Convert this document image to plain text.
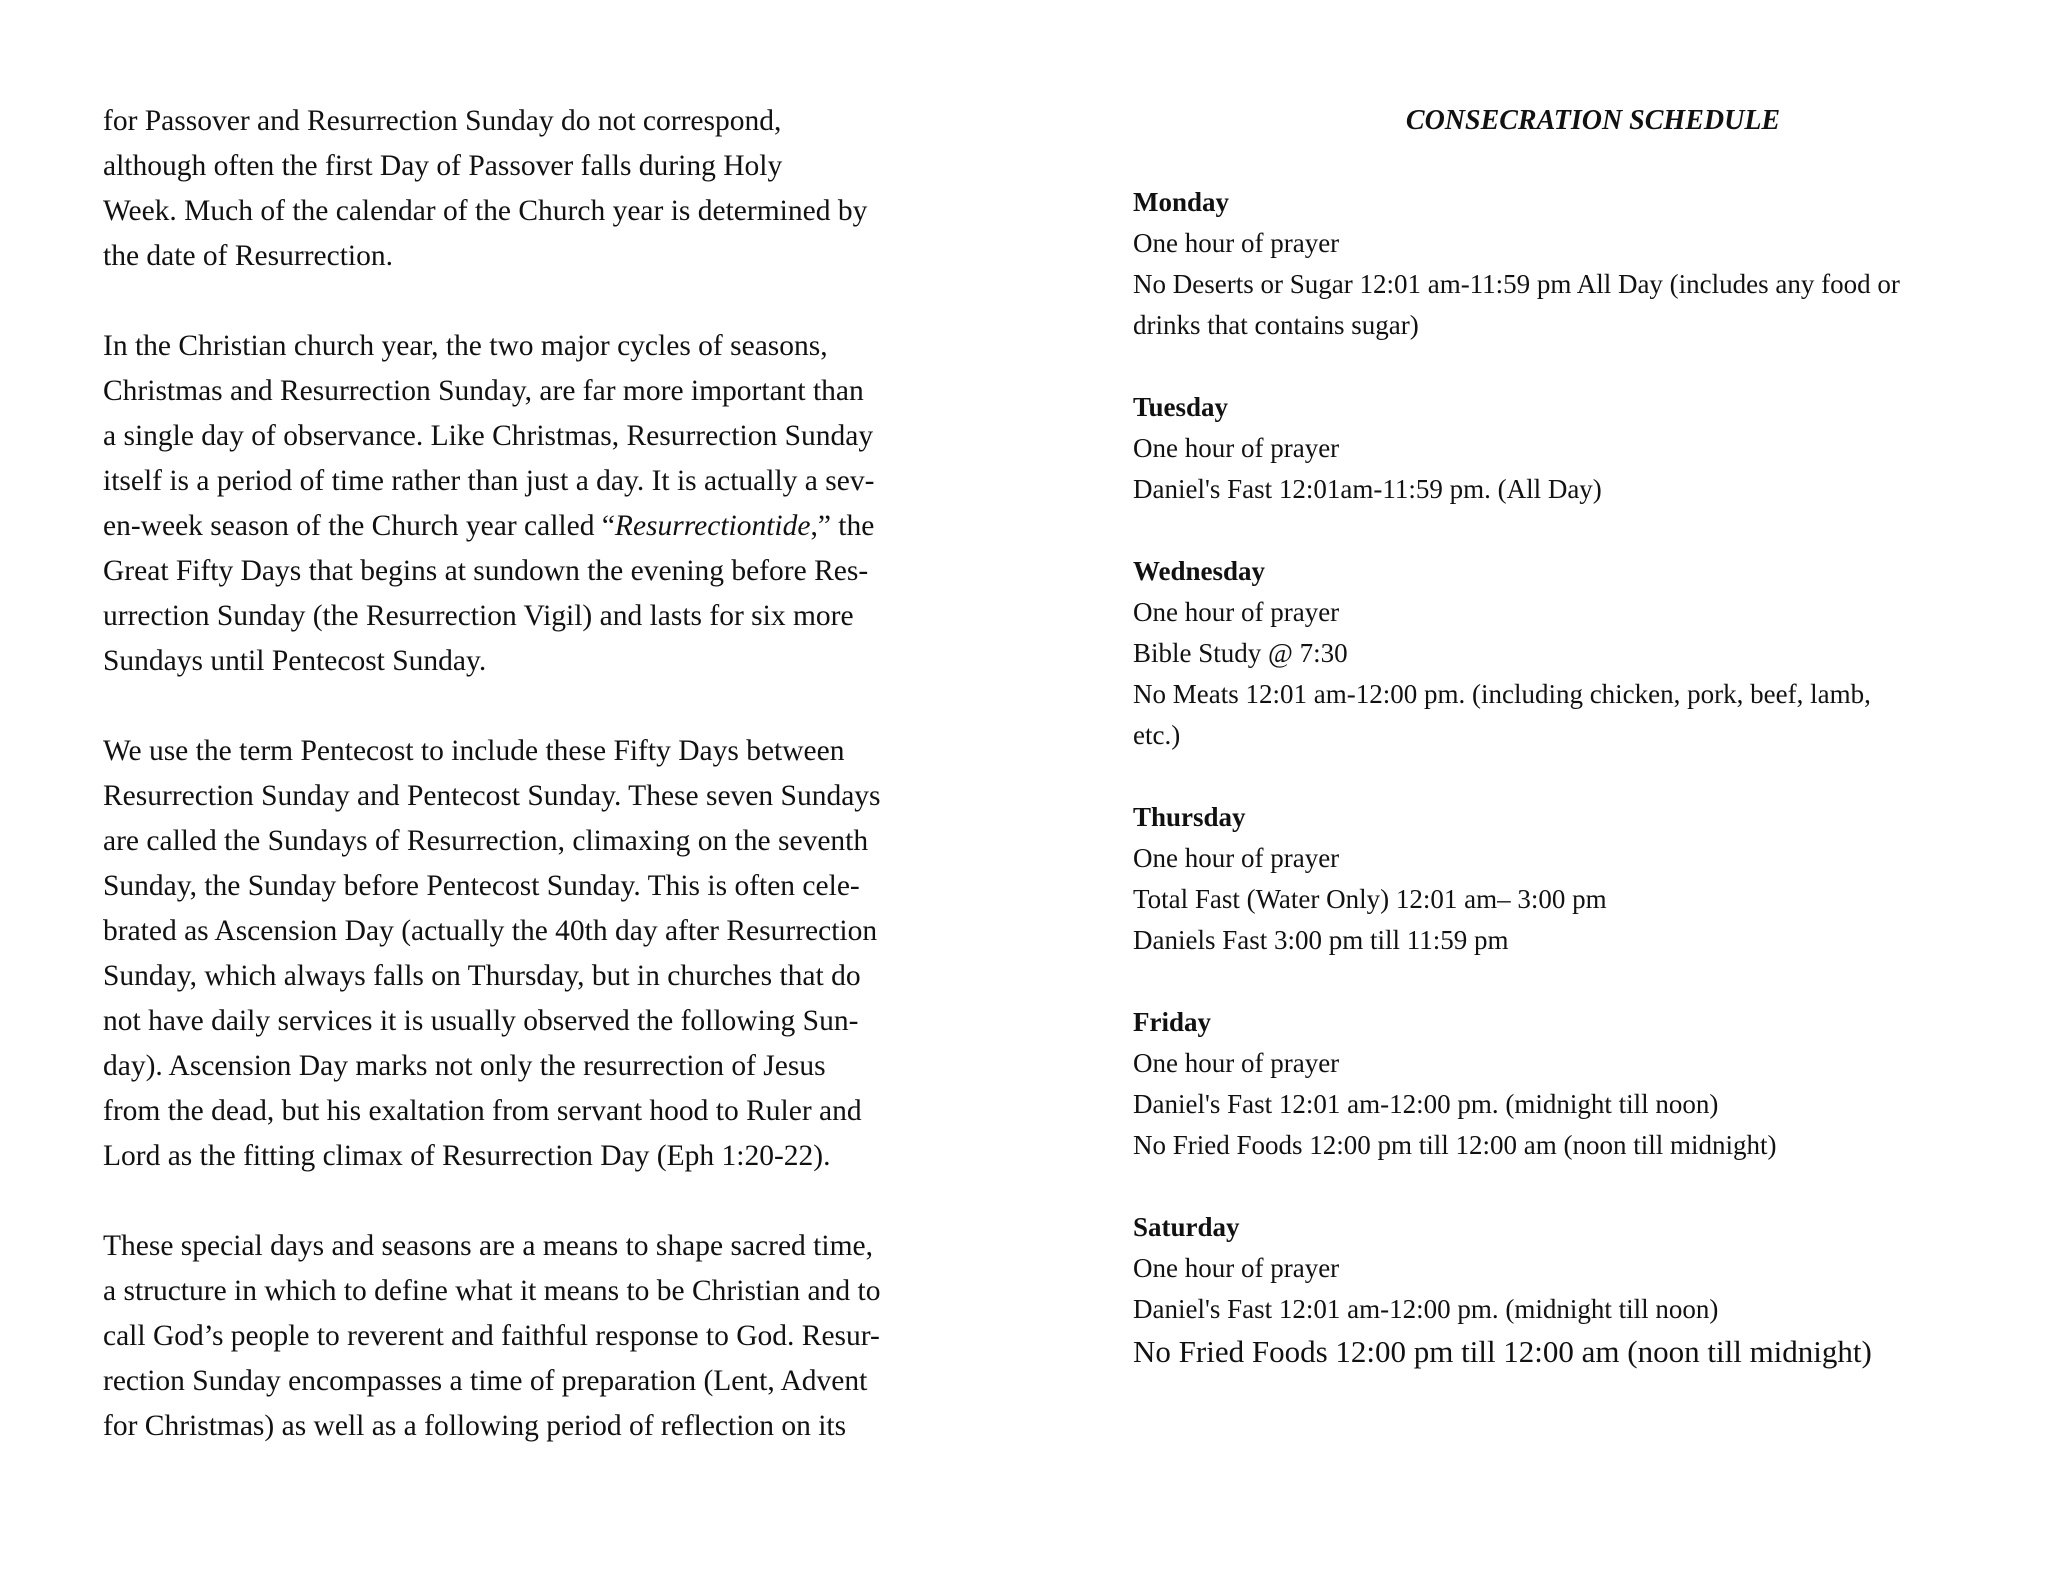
for Passover and Resurrection Sunday do not correspond,
although often the first Day of Passover falls during Holy
Week. Much of the calendar of the Church year is determined by
the date of Resurrection.

In the Christian church year, the two major cycles of seasons,
Christmas and Resurrection Sunday, are far more important than
a single day of observance. Like Christmas, Resurrection Sunday
itself is a period of time rather than just a day. It is actually a sev-
en-week season of the Church year called “Resurrectiontide,” the
Great Fifty Days that begins at sundown the evening before Res-
urrection Sunday (the Resurrection Vigil) and lasts for six more
Sundays until Pentecost Sunday.

We use the term Pentecost to include these Fifty Days between
Resurrection Sunday and Pentecost Sunday. These seven Sundays
are called the Sundays of Resurrection, climaxing on the seventh
Sunday, the Sunday before Pentecost Sunday. This is often cele-
brated as Ascension Day (actually the 40th day after Resurrection
Sunday, which always falls on Thursday, but in churches that do
not have daily services it is usually observed the following Sun-
day). Ascension Day marks not only the resurrection of Jesus
from the dead, but his exaltation from servant hood to Ruler and
Lord as the fitting climax of Resurrection Day (Eph 1:20-22).

These special days and seasons are a means to shape sacred time,
a structure in which to define what it means to be Christian and to
call God’s people to reverent and faithful response to God. Resur-
rection Sunday encompasses a time of preparation (Lent, Advent
for Christmas) as well as a following period of reflection on its

CONSECRATION SCHEDULE
Monday
One hour of prayer
No Deserts or Sugar 12:01 am-11:59 pm All Day (includes any food or
drinks that contains sugar)
Tuesday
One hour of prayer
Daniel's Fast 12:01am-11:59 pm. (All Day)
Wednesday
One hour of prayer
Bible Study @ 7:30
No Meats 12:01 am-12:00 pm. (including chicken, pork, beef, lamb,
etc.)
Thursday
One hour of prayer
Total Fast (Water Only) 12:01 am– 3:00 pm
Daniels Fast 3:00 pm till 11:59 pm
Friday
One hour of prayer
Daniel's Fast 12:01 am-12:00 pm. (midnight till noon)
No Fried Foods 12:00 pm till 12:00 am (noon till midnight)
Saturday
One hour of prayer
Daniel's Fast 12:01 am-12:00 pm. (midnight till noon)
No Fried Foods 12:00 pm till 12:00 am (noon till midnight)
